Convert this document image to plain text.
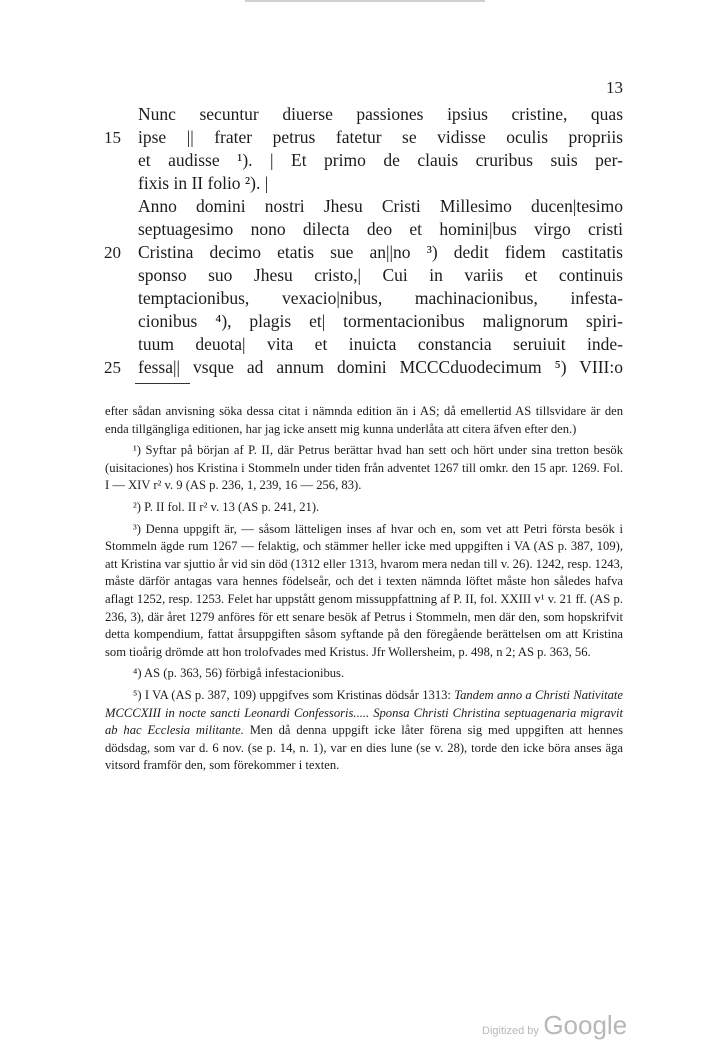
13
15
20
25
Nunc secuntur diuerse passiones ipsius cristine, quas
ipse || frater petrus fatetur se vidisse oculis propriis
et audisse ¹). | Et primo de clauis cruribus suis per-
fixis in II folio ²). |
Anno domini nostri Jhesu Cristi Millesimo ducen|tesimo
septuagesimo nono dilecta deo et homini|bus virgo cristi
Cristina decimo etatis sue an||no ³) dedit fidem castitatis
sponso suo Jhesu cristo,| Cui in variis et continuis
temptacionibus, vexacio|nibus, machinacionibus, infesta-
cionibus ⁴), plagis et| tormentacionibus malignorum spiri-
tuum deuota| vita et inuicta constancia seruiuit inde-
fessa|| vsque ad annum domini MCCCduodecimum ⁵) VIII:o

efter sådan anvisning söka dessa citat i nämnda edition än i AS; då emellertid AS tillsvidare är den enda tillgängliga editionen, har jag icke ansett mig kunna underlåta att citera äfven efter den.)

¹) Syftar på början af P. II, där Petrus berättar hvad han sett och hört under sina tretton besök (uisitaciones) hos Kristina i Stommeln under tiden från adventet 1267 till omkr. den 15 apr. 1269. Fol. I — XIV r² v. 9 (AS p. 236, 1, 239, 16 — 256, 83).

²) P. II fol. II r² v. 13 (AS p. 241, 21).

³) Denna uppgift är, — såsom lätteligen inses af hvar och en, som vet att Petri första besök i Stommeln ägde rum 1267 — felaktig, och stämmer heller icke med uppgiften i VA (AS p. 387, 109), att Kristina var sjuttio år vid sin död (1312 eller 1313, hvarom mera nedan till v. 26). 1242, resp. 1243, måste därför antagas vara hennes födelseår, och det i texten nämnda löftet måste hon således hafva aflagt 1252, resp. 1253. Felet har uppstått genom missuppfattning af P. II, fol. XXIII v¹ v. 21 ff. (AS p. 236, 3), där året 1279 anföres för ett senare besök af Petrus i Stommeln, men där den, som hopskrifvit detta kompendium, fattat årsuppgiften såsom syftande på den föregående berättelsen om att Kristina som tioårig drömde att hon trolofvades med Kristus. Jfr Wollersheim, p. 498, n 2; AS p. 363, 56.

⁴) AS (p. 363, 56) förbigå infestacionibus.

⁵) I VA (AS p. 387, 109) uppgifves som Kristinas dödsår 1313: Tandem anno a Christi Nativitate MCCCXIII in nocte sancti Leonardi Confessoris..... Sponsa Christi Christina septuagenaria migravit ab hac Ecclesia militante. Men då denna uppgift icke låter förena sig med uppgiften att hennes dödsdag, som var d. 6 nov. (se p. 14, n. 1), var en dies lune (se v. 28), torde den icke böra anses äga vitsord framför den, som förekommer i texten.

Digitized by Google
